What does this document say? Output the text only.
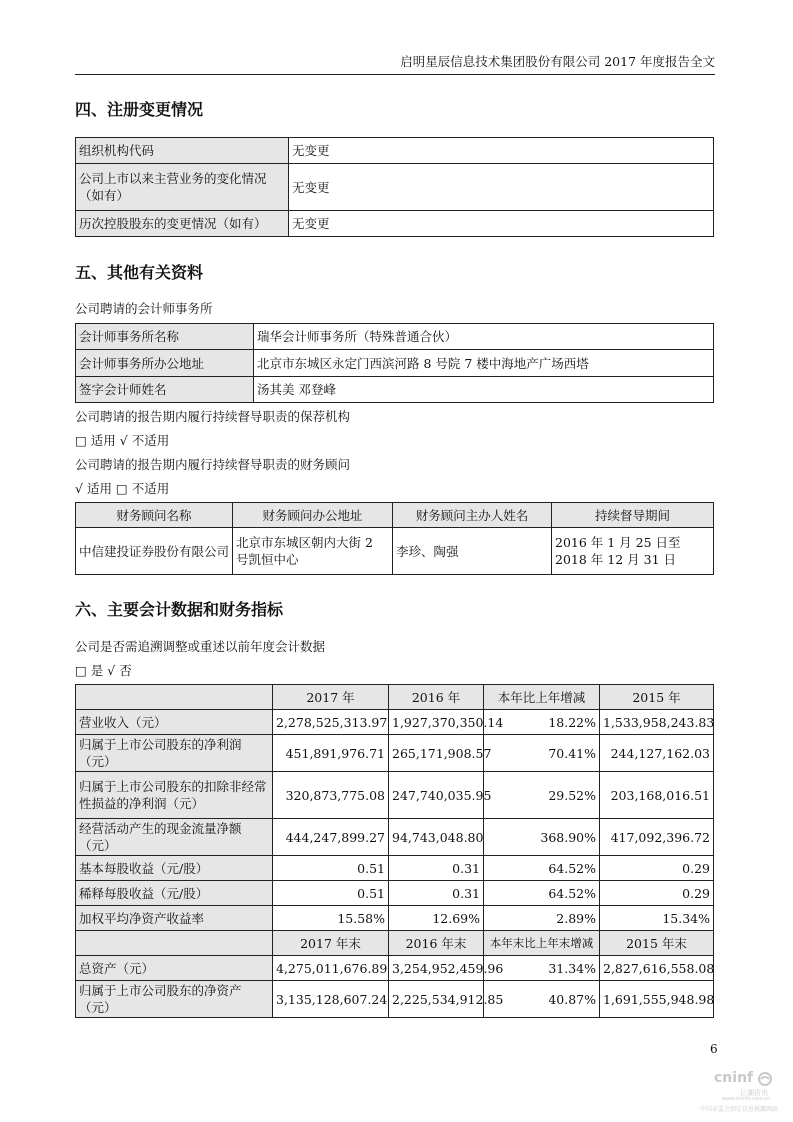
启明星辰信息技术集团股份有限公司 2017 年度报告全文
四、注册变更情况
组织机构代码	无变更
公司上市以来主营业务的变化情况（如有）	无变更
历次控股股东的变更情况（如有）	无变更
五、其他有关资料
公司聘请的会计师事务所
会计师事务所名称	瑞华会计师事务所（特殊普通合伙）
会计师事务所办公地址	北京市东城区永定门西滨河路 8 号院 7 楼中海地产广场西塔
签字会计师姓名	汤其美 邓登峰
公司聘请的报告期内履行持续督导职责的保荐机构
□ 适用 √ 不适用
公司聘请的报告期内履行持续督导职责的财务顾问
√ 适用 □ 不适用
财务顾问名称	财务顾问办公地址	财务顾问主办人姓名	持续督导期间
中信建投证券股份有限公司	北京市东城区朝内大街 2 号凯恒中心	李珍、陶强	2016 年 1 月 25 日至 2018 年 12 月 31 日
六、主要会计数据和财务指标
公司是否需追溯调整或重述以前年度会计数据
□ 是 √ 否
	2017 年	2016 年	本年比上年增减	2015 年
营业收入（元）	2,278,525,313.97	1,927,370,350.14	18.22%	1,533,958,243.83
归属于上市公司股东的净利润（元）	451,891,976.71	265,171,908.57	70.41%	244,127,162.03
归属于上市公司股东的扣除非经常性损益的净利润（元）	320,873,775.08	247,740,035.95	29.52%	203,168,016.51
经营活动产生的现金流量净额（元）	444,247,899.27	94,743,048.80	368.90%	417,092,396.72
基本每股收益（元/股）	0.51	0.31	64.52%	0.29
稀释每股收益（元/股）	0.51	0.31	64.52%	0.29
加权平均净资产收益率	15.58%	12.69%	2.89%	15.34%
	2017 年末	2016 年末	本年末比上年末增减	2015 年末
总资产（元）	4,275,011,676.89	3,254,952,459.96	31.34%	2,827,616,558.08
归属于上市公司股东的净资产（元）	3,135,128,607.24	2,225,534,912.85	40.87%	1,691,555,948.98
6
cninf
巨潮资讯
www.cninfo.com.cn
中国证监会指定信息披露网站
